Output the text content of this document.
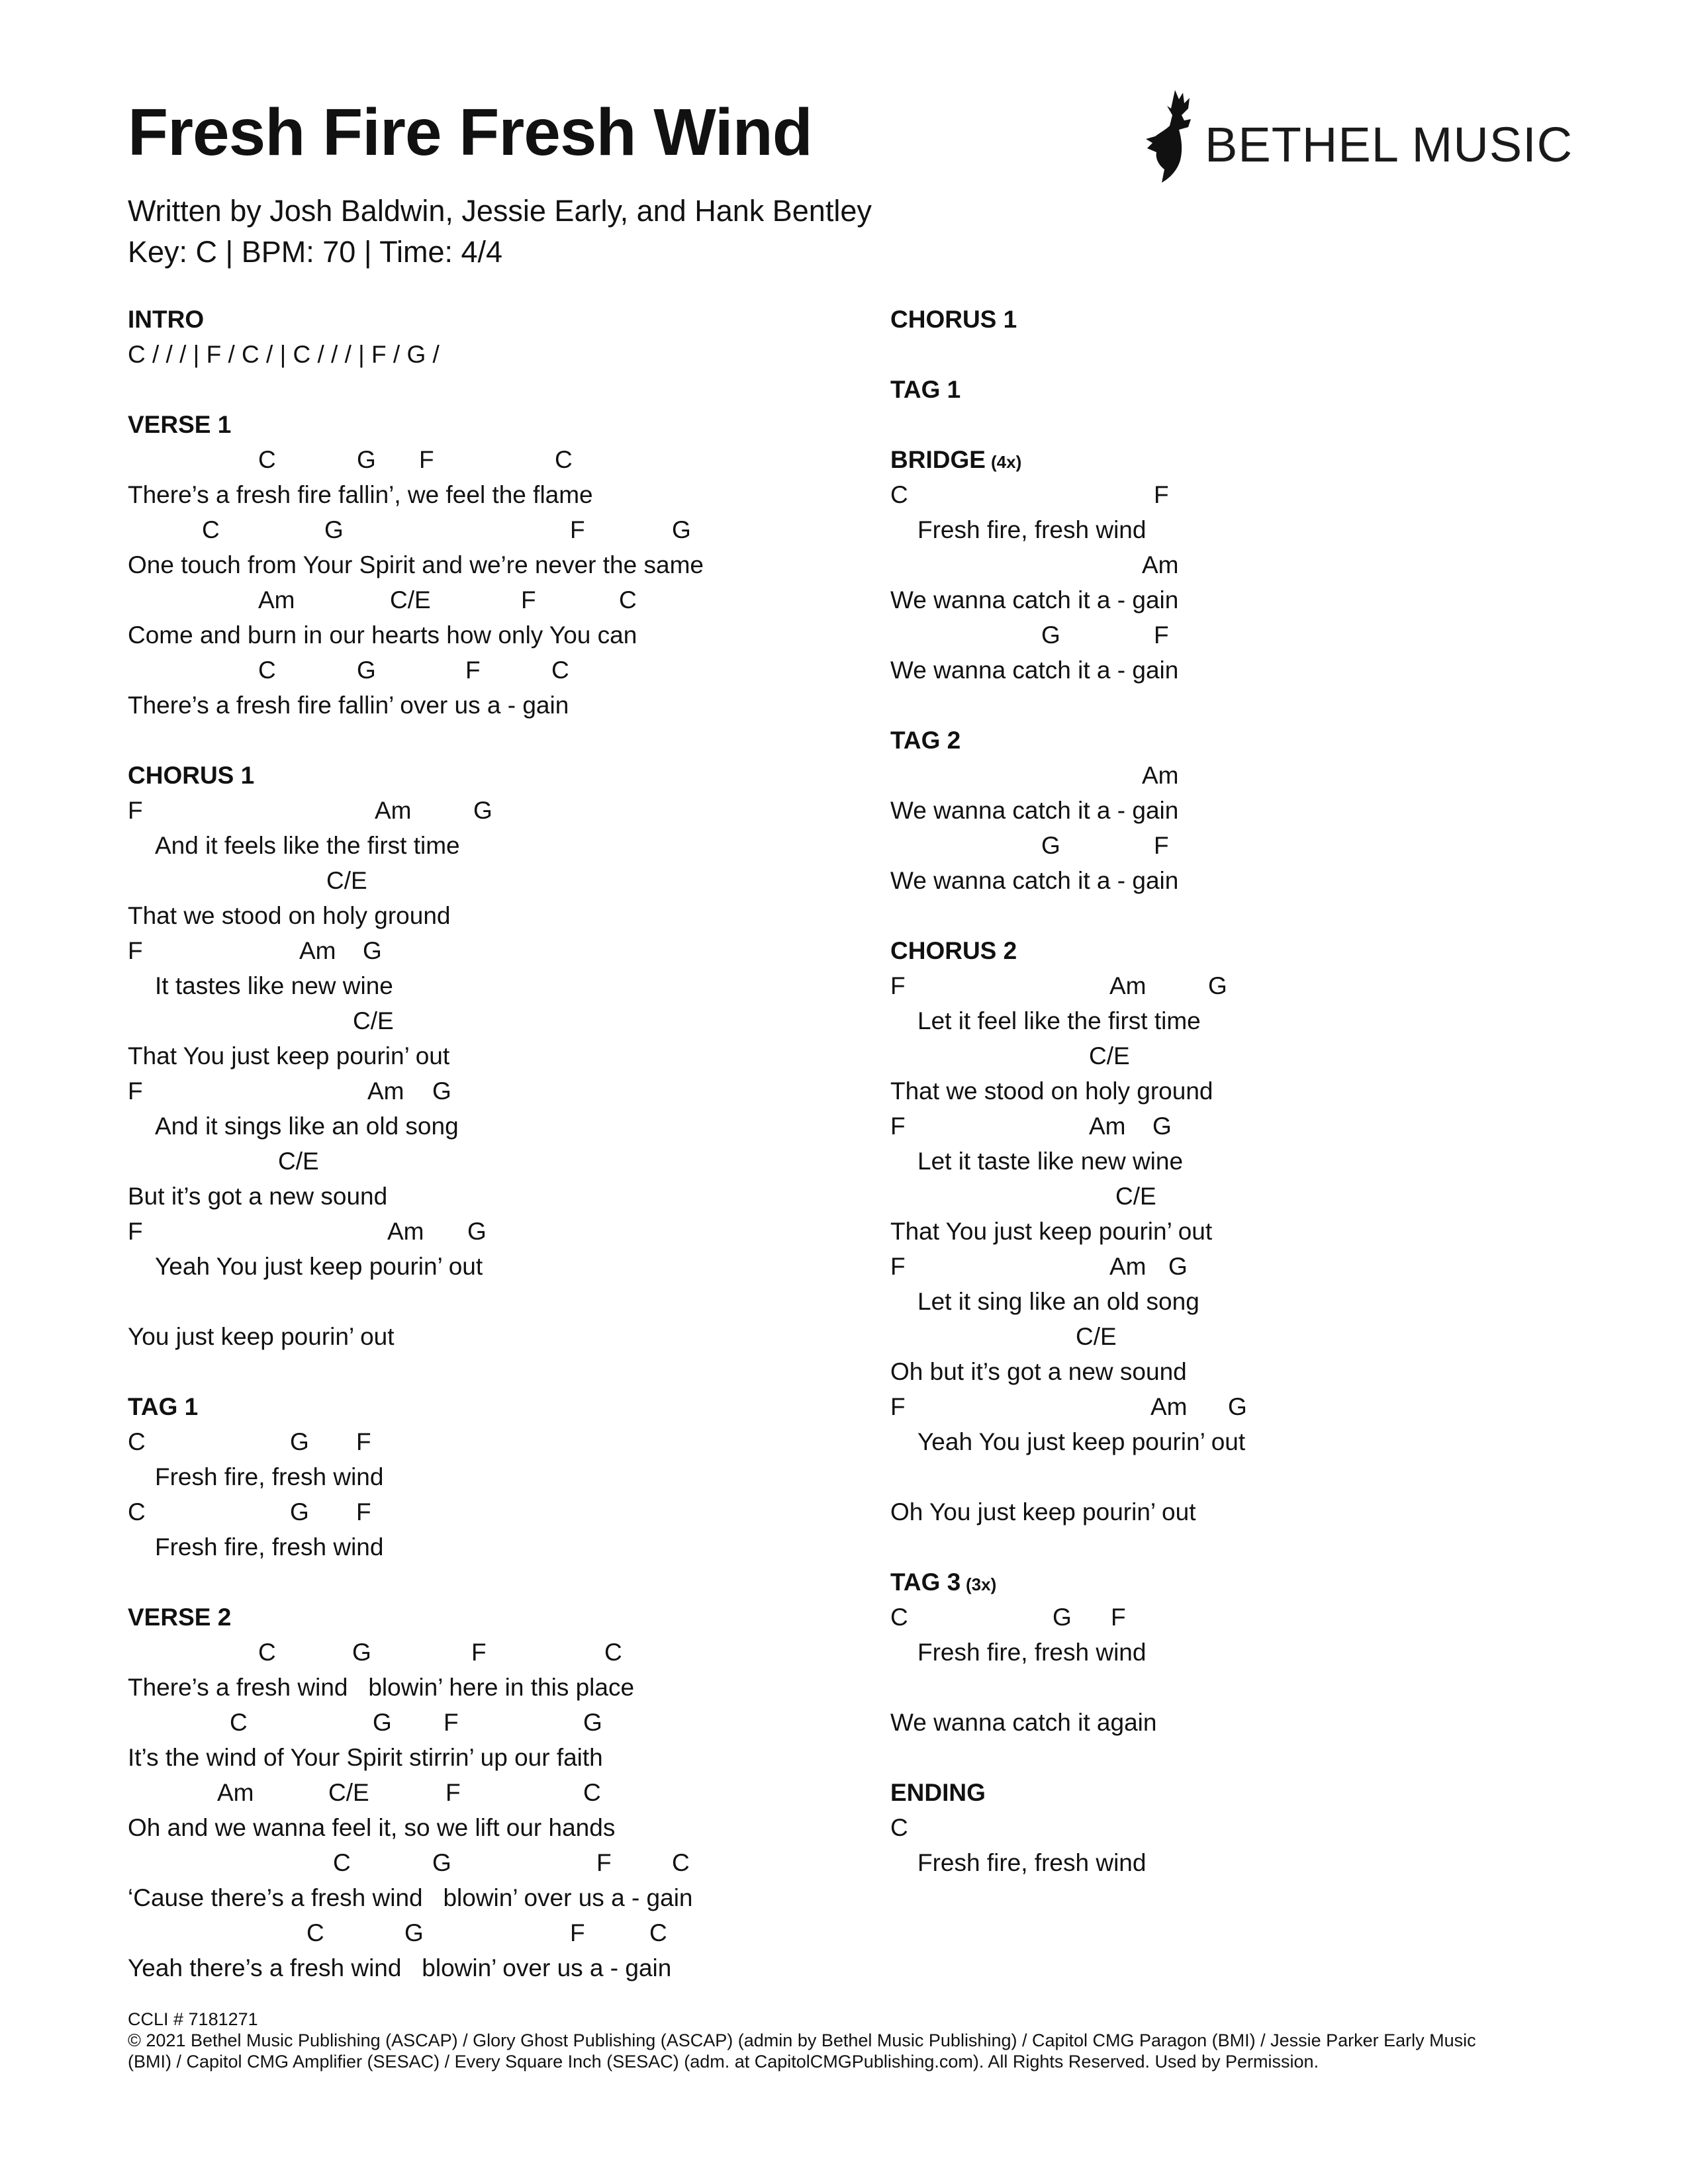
Fresh Fire Fresh Wind
Written by Josh Baldwin, Jessie Early, and Hank Bentley
Key: C | BPM: 70 | Time: 4/4
BETHEL MUSIC
INTRO
C / / / | F / C / | C / / / | F / G /
VERSE 1
C	G F	C
There’s a fresh fire fallin’, we feel the flame
C	G	F	G
One touch from Your Spirit and we’re never the same
Am	C/E	F	C
Come and burn in our hearts how only You can
C	G	F	C
There’s a fresh fire fallin’ over us a - gain
CHORUS 1
F	Am	G
And it feels like the first time
C/E
That we stood on holy ground
F	Am G
It tastes like new wine
C/E
That You just keep pourin’ out
F	Am G
And it sings like an old song
C/E
But it’s got a new sound
F	Am G
Yeah You just keep pourin’ out
You just keep pourin’ out
TAG 1
C	G F
Fresh fire, fresh wind
C	G F
Fresh fire, fresh wind
VERSE 2
C	G	F	C
There’s a fresh wind   blowin’ here in this place
C	G F	G
It’s the wind of Your Spirit stirrin’ up our faith
Am	C/E	F	C
Oh and we wanna feel it, so we lift our hands
C	G	F C
‘Cause there’s a fresh wind   blowin’ over us a - gain
C	G	F	C
Yeah there’s a fresh wind   blowin’ over us a - gain
CHORUS 1
TAG 1
BRIDGE (4x)
C	F
Fresh fire, fresh wind
Am
We wanna catch it a - gain
G	F
We wanna catch it a - gain
TAG 2
Am
We wanna catch it a - gain
G	F
We wanna catch it a - gain
CHORUS 2
F	Am	G
Let it feel like the first time
C/E
That we stood on holy ground
F	Am G
Let it taste like new wine
C/E
That You just keep pourin’ out
F	Am G
Let it sing like an old song
C/E
Oh but it’s got a new sound
F	Am G
Yeah You just keep pourin’ out
Oh You just keep pourin’ out
TAG 3 (3x)
C	G F
Fresh fire, fresh wind
We wanna catch it again
ENDING
C
Fresh fire, fresh wind
CCLI # 7181271
© 2021 Bethel Music Publishing (ASCAP) / Glory Ghost Publishing (ASCAP) (admin by Bethel Music Publishing) / Capitol CMG Paragon (BMI) / Jessie Parker Early Music
(BMI) / Capitol CMG Amplifier (SESAC) / Every Square Inch (SESAC) (adm. at CapitolCMGPublishing.com). All Rights Reserved. Used by Permission.
